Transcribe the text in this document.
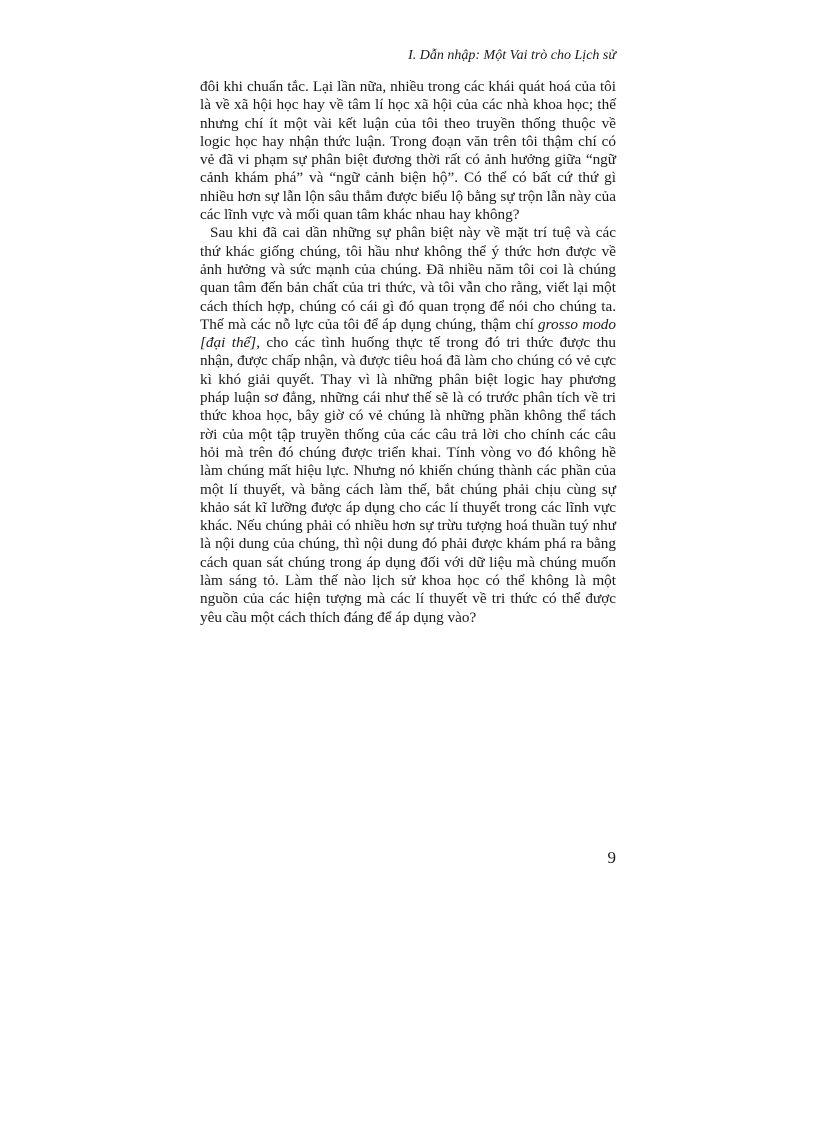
I. Dẫn nhập: Một Vai trò cho Lịch sử

đôi khi chuẩn tắc. Lại lần nữa, nhiều trong các khái quát hoá của tôi là về xã hội học hay về tâm lí học xã hội của các nhà khoa học; thế nhưng chí ít một vài kết luận của tôi theo truyền thống thuộc về logic học hay nhận thức luận. Trong đoạn văn trên tôi thậm chí có vẻ đã vi phạm sự phân biệt đương thời rất có ảnh hưởng giữa “ngữ cảnh khám phá” và “ngữ cảnh biện hộ”. Có thể có bất cứ thứ gì nhiều hơn sự lẫn lộn sâu thẳm được biểu lộ bằng sự trộn lẫn này của các lĩnh vực và mối quan tâm khác nhau hay không?

Sau khi đã cai dần những sự phân biệt này về mặt trí tuệ và các thứ khác giống chúng, tôi hầu như không thể ý thức hơn được về ảnh hưởng và sức mạnh của chúng. Đã nhiều năm tôi coi là chúng quan tâm đến bản chất của tri thức, và tôi vẫn cho rằng, viết lại một cách thích hợp, chúng có cái gì đó quan trọng để nói cho chúng ta. Thế mà các nỗ lực của tôi để áp dụng chúng, thậm chí grosso modo [đại thể], cho các tình huống thực tế trong đó tri thức được thu nhận, được chấp nhận, và được tiêu hoá đã làm cho chúng có vẻ cực kì khó giải quyết. Thay vì là những phân biệt logic hay phương pháp luận sơ đẳng, những cái như thế sẽ là có trước phân tích về tri thức khoa học, bây giờ có vẻ chúng là những phần không thể tách rời của một tập truyền thống của các câu trả lời cho chính các câu hỏi mà trên đó chúng được triển khai. Tính vòng vo đó không hề làm chúng mất hiệu lực. Nhưng nó khiến chúng thành các phần của một lí thuyết, và bằng cách làm thế, bắt chúng phải chịu cùng sự khảo sát kĩ lưỡng được áp dụng cho các lí thuyết trong các lĩnh vực khác. Nếu chúng phải có nhiều hơn sự trừu tượng hoá thuần tuý như là nội dung của chúng, thì nội dung đó phải được khám phá ra bằng cách quan sát chúng trong áp dụng đối với dữ liệu mà chúng muốn làm sáng tỏ. Làm thế nào lịch sử khoa học có thể không là một nguồn của các hiện tượng mà các lí thuyết về tri thức có thể được yêu cầu một cách thích đáng để áp dụng vào?

9
